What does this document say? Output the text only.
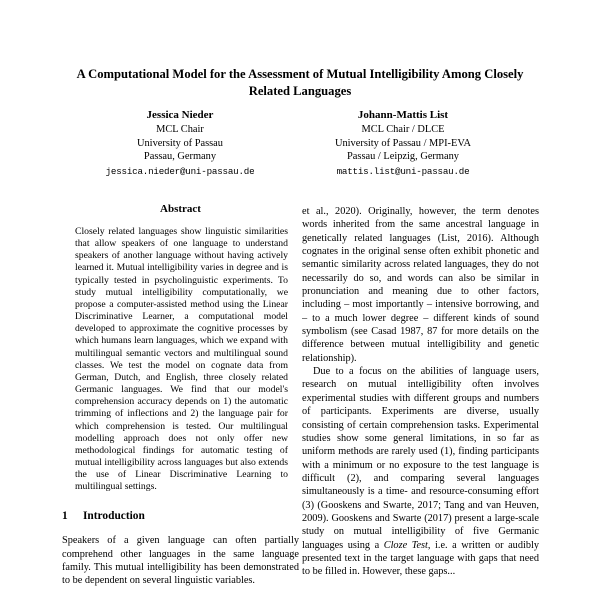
A Computational Model for the Assessment of Mutual Intelligibility Among Closely Related Languages
Jessica Nieder
MCL Chair
University of Passau
Passau, Germany
jessica.nieder@uni-passau.de
Johann-Mattis List
MCL Chair / DLCE
University of Passau / MPI-EVA
Passau / Leipzig, Germany
mattis.list@uni-passau.de
Abstract

Closely related languages show linguistic similarities that allow speakers of one language to understand speakers of another language without having actively learned it. Mutual intelligibility varies in degree and is typically tested in psycholinguistic experiments. To study mutual intelligibility computationally, we propose a computer-assisted method using the Linear Discriminative Learner, a computational model developed to approximate the cognitive processes by which humans learn languages, which we expand with multilingual semantic vectors and multilingual sound classes. We test the model on cognate data from German, Dutch, and English, three closely related Germanic languages. We find that our model's comprehension accuracy depends on 1) the automatic trimming of inflections and 2) the language pair for which comprehension is tested. Our multilingual modelling approach does not only offer new methodological findings for automatic testing of mutual intelligibility across languages but also extends the use of Linear Discriminative Learning to multilingual settings.

1 Introduction

Speakers of a given language can often partially comprehend other languages in the same language family. This mutual intelligibility has been demonstrated to be dependent on several linguistic variables.

et al., 2020). Originally, however, the term denotes words inherited from the same ancestral language in genetically related languages (List, 2016). Although cognates in the original sense often exhibit phonetic and semantic similarity across related languages, they do not necessarily do so, and words can also be similar in pronunciation and meaning due to other factors, including – most importantly – intensive borrowing, and – to a much lower degree – different kinds of sound symbolism (see Casad 1987, 87 for more details on the difference between mutual intelligibility and genetic relationship).

Due to a focus on the abilities of language users, research on mutual intelligibility often involves experimental studies with different groups and numbers of participants. Experiments are diverse, usually consisting of certain comprehension tasks. Experimental studies show some general limitations, in so far as uniform methods are rarely used (1), finding participants with a minimum or no exposure to the test language is difficult (2), and comparing several languages simultaneously is a time- and resource-consuming effort (3) (Gooskens and Swarte, 2017; Tang and van Heuven, 2009). Gooskens and Swarte (2017) present a large-scale study on mutual intelligibility of five Germanic languages using a Cloze Test, i.e. a written or audibly presented text in the target language with gaps that need to be filled in. However, these gaps...
